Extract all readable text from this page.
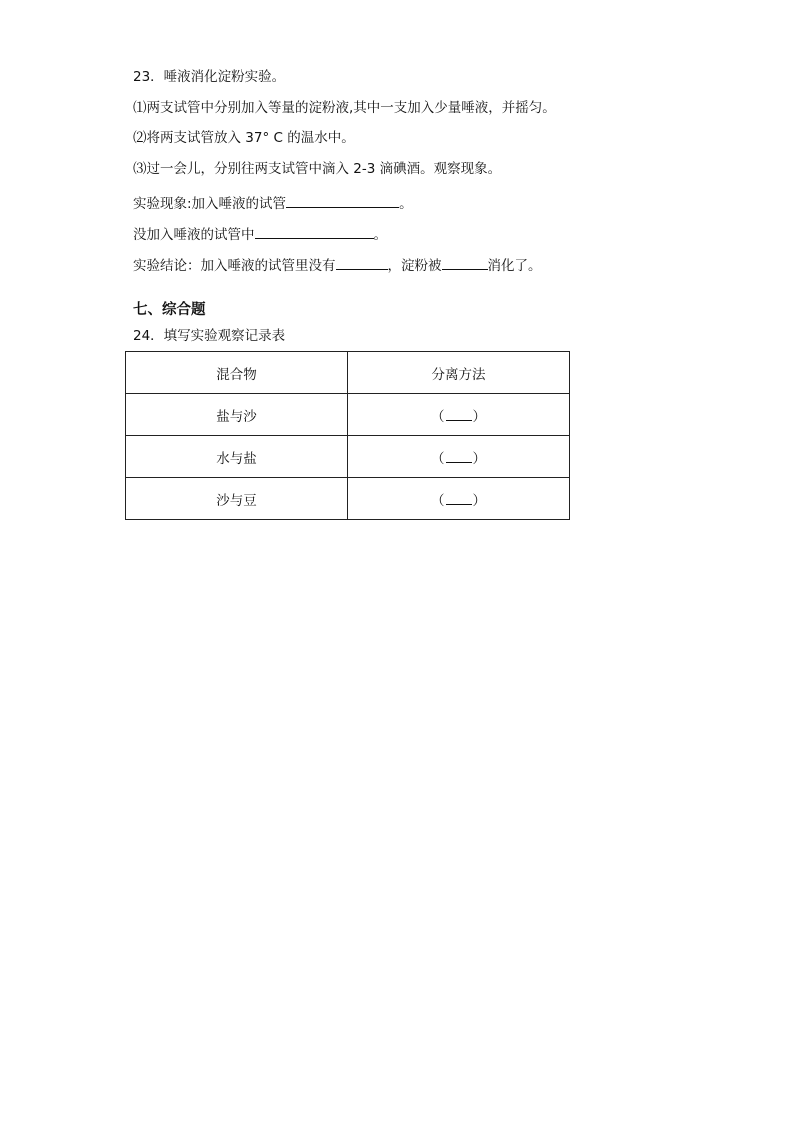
23．唾液消化淀粉实验。
⑴两支试管中分别加入等量的淀粉液,其中一支加入少量唾液，并摇匀。
⑵将两支试管放入 37° C 的温水中。
⑶过一会儿，分别往两支试管中滴入 2-3 滴碘酒。观察现象。
实验现象:加入唾液的试管	。
没加入唾液的试管中	。
实验结论：加入唾液的试管里没有	，淀粉被	消化了。
七、综合题
24．填写实验观察记录表
混合物	分离方法
盐与沙	（ ）
水与盐	（ ）
沙与豆	（ ）
